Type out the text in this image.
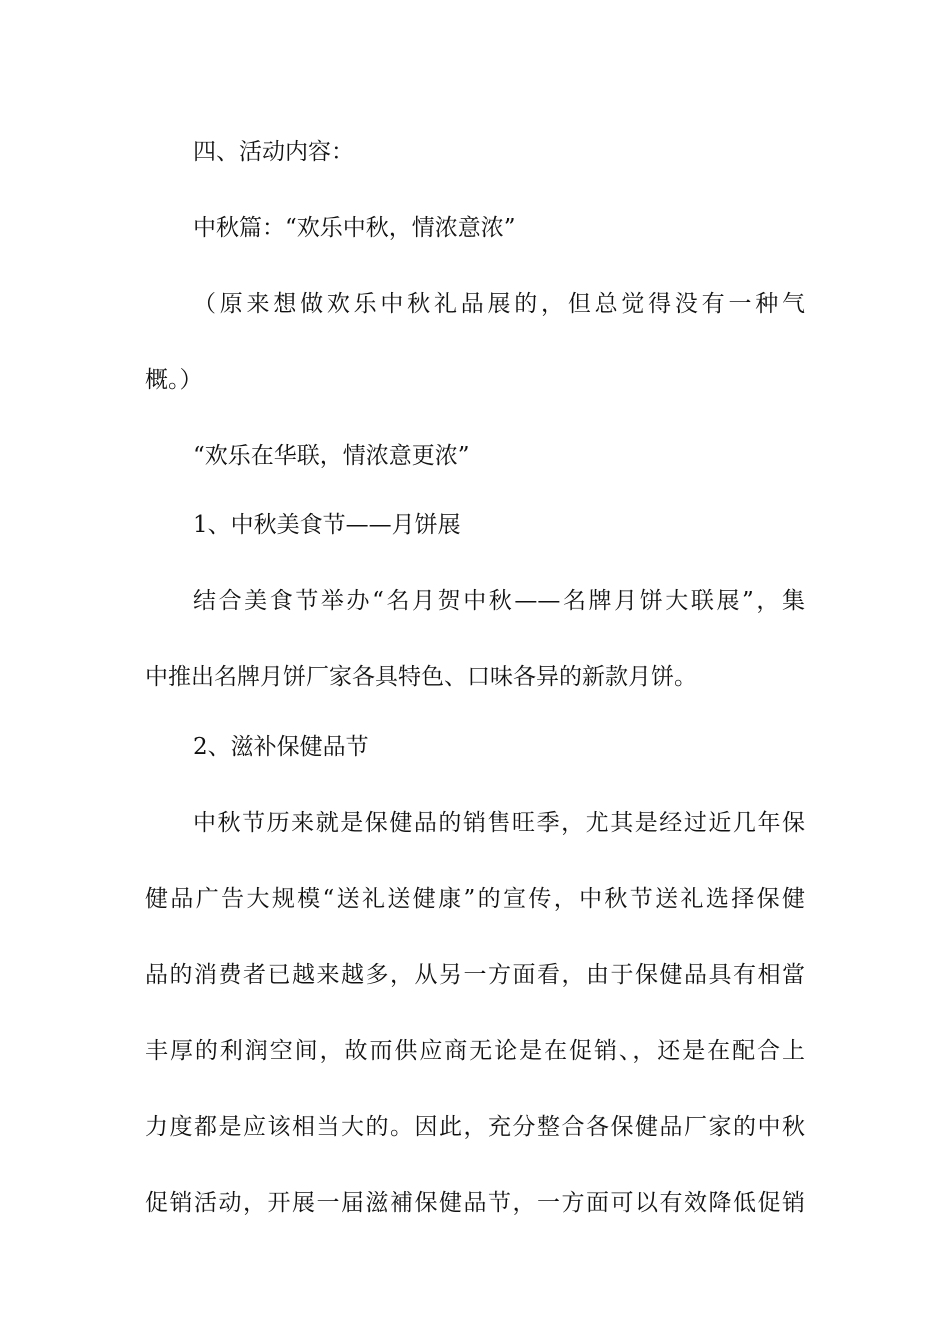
四、活动内容：
中秋篇：“欢乐中秋，情浓意浓”
（原来想做欢乐中秋礼品展的，但总觉得没有一种气
概。）
“欢乐在华联，情浓意更浓”
1、中秋美食节——月饼展
结合美食节举办“名月贺中秋——名牌月饼大联展”，集
中推出名牌月饼厂家各具特色、口味各异的新款月饼。
2、滋补保健品节
中秋节历来就是保健品的销售旺季，尤其是经过近几年保
健品广告大规模“送礼送健康”的宣传，中秋节送礼选择保健
品的消费者已越来越多，从另一方面看，由于保健品具有相當
丰厚的利润空间，故而供应商无论是在促销、，还是在配合上
力度都是应该相当大的。因此，充分整合各保健品厂家的中秋
促销活动，开展一届滋補保健品节，一方面可以有效降低促销
